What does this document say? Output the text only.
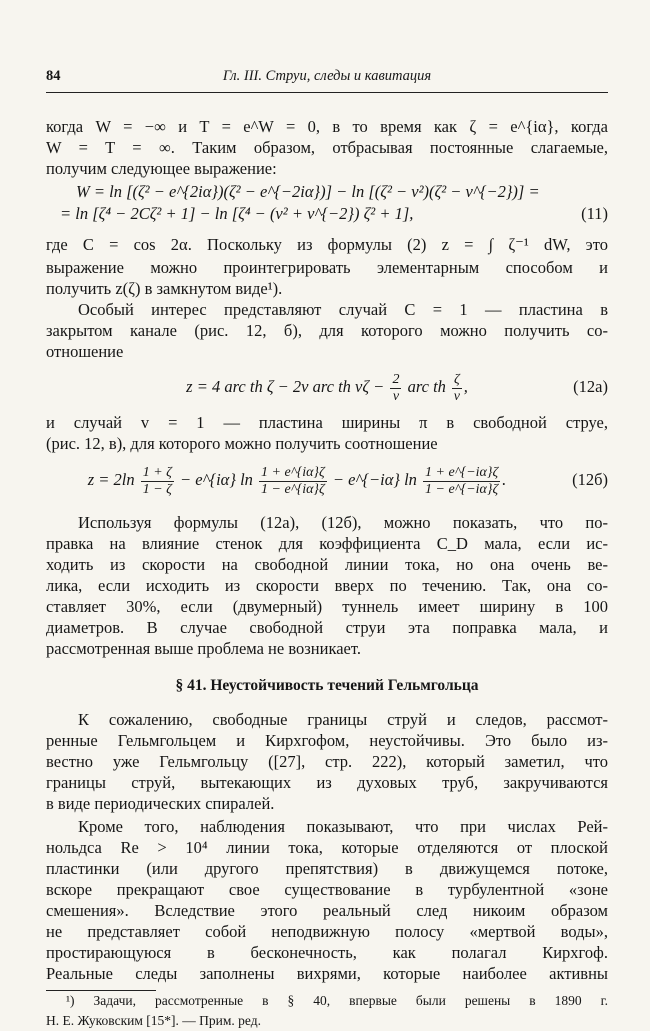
84	Гл. III. Струи, следы и кавитация
когда W = −∞ и T = e^W = 0, в то время как ζ = e^{iα}, когда
W = T = ∞. Таким образом, отбрасывая постоянные слагаемые,
получим следующее выражение:
W = ln [(ζ² − e^{2iα})(ζ² − e^{−2iα})] − ln [(ζ² − v²)(ζ² − v^{−2})] =
= ln [ζ⁴ − 2Cζ² + 1] − ln [ζ⁴ − (v² + v^{−2}) ζ² + 1],	(11)
где C = cos 2α. Поскольку из формулы (2) z = ∫ ζ⁻¹ dW, это
выражение можно проинтегрировать элементарным способом и
получить z(ζ) в замкнутом виде¹).
Особый интерес представляют случай C = 1 — пластина в
закрытом канале (рис. 12, б), для которого можно получить со-
отношение
z = 4 arc th ζ − 2v arc th $v\zeta - \frac{2}{v}$ arc th $\frac{\zeta}{v}$ ,	(12а)
и случай v = 1 — пластина ширины π в свободной струе,
(рис. 12, в), для которого можно получить соотношение
$z = 2\ln \frac{1 + \zeta}{1 - \zeta}$ − e^{iα} $\ln \frac{1 + e\^{}\{i\alpha\}\zeta}{1 - e\^{}\{i\alpha\}\zeta}$ − e^{−iα} $\ln \frac{1 + e\^{}\{-i\alpha\}\zeta}{1 - e\^{}\{-i\alpha\}\zeta}$ .	(12б)
Используя формулы (12а), (12б), можно показать, что по-
правка на влияние стенок для коэффициента C_D мала, если ис-
ходить из скорости на свободной линии тока, но она очень ве-
лика, если исходить из скорости вверх по течению. Так, она со-
ставляет 30%, если (двумерный) туннель имеет ширину в 100
диаметров. В случае свободной струи эта поправка мала, и
рассмотренная выше проблема не возникает.
§ 41. Неустойчивость течений Гельмгольца
К сожалению, свободные границы струй и следов, рассмот-
ренные Гельмгольцем и Кирхгофом, неустойчивы. Это было из-
вестно уже Гельмгольцу ([27], стр. 222), который заметил, что
границы струй, вытекающих из духовых труб, закручиваются
в виде периодических спиралей.
Кроме того, наблюдения показывают, что при числах Рей-
нольдса Re > 10⁴ линии тока, которые отделяются от плоской
пластинки (или другого препятствия) в движущемся потоке,
вскоре прекращают свое существование в турбулентной «зоне
смешения». Вследствие этого реальный след никоим образом
не представляет собой неподвижную полосу «мертвой воды»,
простирающуюся в бесконечность, как полагал Кирхгоф.
Реальные следы заполнены вихрями, которые наиболее активны
¹) Задачи, рассмотренные в § 40, впервые были решены в 1890 г.
Н. Е. Жуковским [15*]. — Прим. ред.
